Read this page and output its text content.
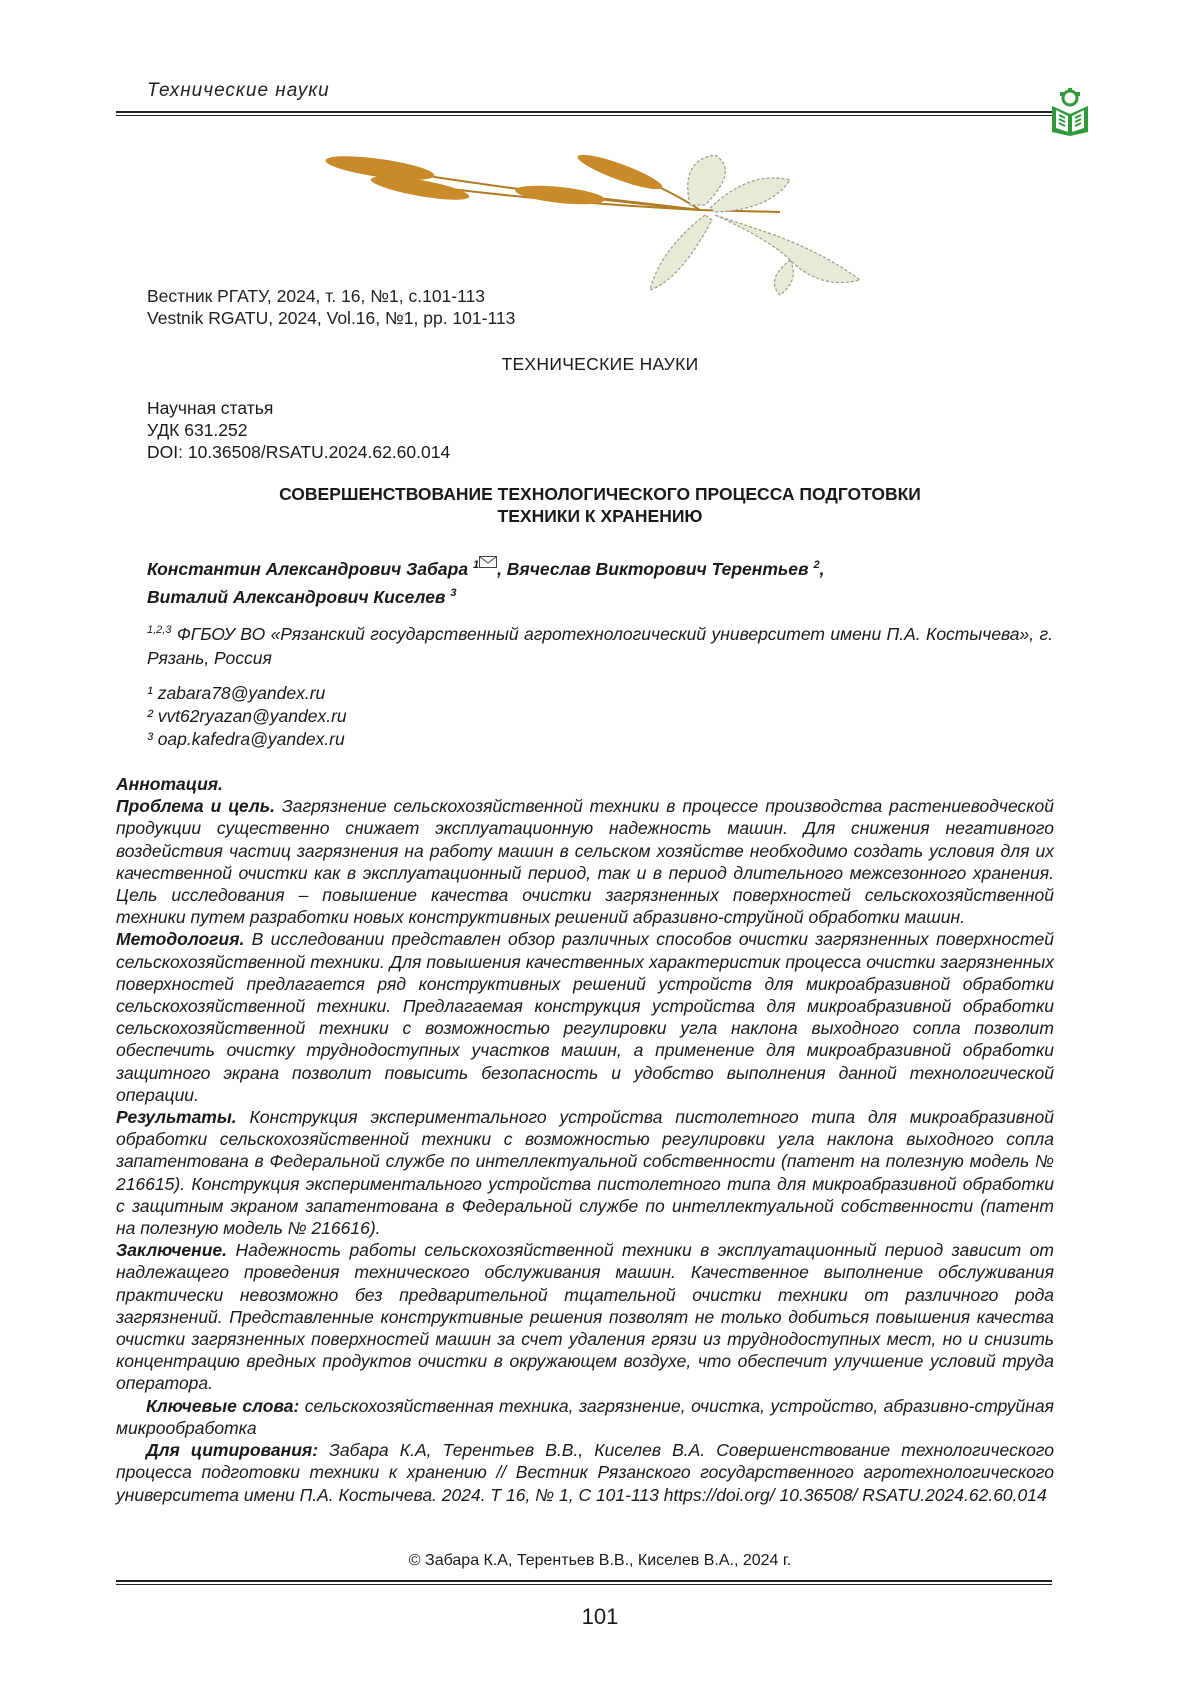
Технические науки
Вестник РГАТУ, 2024, т. 16, №1, с.101-113
Vestnik RGATU, 2024, Vol.16, №1, pp. 101-113
ТЕХНИЧЕСКИЕ НАУКИ
Научная статья
УДК 631.252
DOI: 10.36508/RSATU.2024.62.60.014
СОВЕРШЕНСТВОВАНИЕ ТЕХНОЛОГИЧЕСКОГО ПРОЦЕССА ПОДГОТОВКИ
ТЕХНИКИ К ХРАНЕНИЮ
Константин Александрович Забара $^1$ , Вячеслав Викторович Терентьев $^2$,
Виталий Александрович Киселев $^3$
$^{1,2,3}$ ФГБОУ ВО «Рязанский государственный агротехнологический университет имени П.А. Костычева», г. Рязань, Россия
¹ zabara78@yandex.ru
² vvt62ryazan@yandex.ru
³ oap.kafedra@yandex.ru

Аннотация.

Проблема и цель. Загрязнение сельскохозяйственной техники в процессе производства растениеводческой продукции существенно снижает эксплуатационную надежность машин. Для снижения негативного воздействия частиц загрязнения на работу машин в сельском хозяйстве необходимо создать условия для их качественной очистки как в эксплуатационный период, так и в период длительного межсезонного хранения. Цель исследования – повышение качества очистки загрязненных поверхностей сельскохозяйственной техники путем разработки новых конструктивных решений абразивно-струйной обработки машин.

Методология. В исследовании представлен обзор различных способов очистки загрязненных поверхностей сельскохозяйственной техники. Для повышения качественных характеристик процесса очистки загрязненных поверхностей предлагается ряд конструктивных решений устройств для микроабразивной обработки сельскохозяйственной техники. Предлагаемая конструкция устройства для микроабразивной обработки сельскохозяйственной техники с возможностью регулировки угла наклона выходного сопла позволит обеспечить очистку труднодоступных участков машин, а применение для микроабразивной обработки защитного экрана позволит повысить безопасность и удобство выполнения данной технологической операции.

Результаты. Конструкция экспериментального устройства пистолетного типа для микроабразивной обработки сельскохозяйственной техники с возможностью регулировки угла наклона выходного сопла запатентована в Федеральной службе по интеллектуальной собственности (патент на полезную модель № 216615). Конструкция экспериментального устройства пистолетного типа для микроабразивной обработки с защитным экраном запатентована в Федеральной службе по интеллектуальной собственности (патент на полезную модель № 216616).

Заключение. Надежность работы сельскохозяйственной техники в эксплуатационный период зависит от надлежащего проведения технического обслуживания машин. Качественное выполнение обслуживания практически невозможно без предварительной тщательной очистки техники от различного рода загрязнений. Представленные конструктивные решения позволят не только добиться повышения качества очистки загрязненных поверхностей машин за счет удаления грязи из труднодоступных мест, но и снизить концентрацию вредных продуктов очистки в окружающем воздухе, что обеспечит улучшение условий труда оператора.

Ключевые слова: сельскохозяйственная техника, загрязнение, очистка, устройство, абразивно-струйная микрообработка

Для цитирования: Забара К.А, Терентьев В.В., Киселев В.А. Совершенствование технологического процесса подготовки техники к хранению // Вестник Рязанского государственного агротехнологического университета имени П.А. Костычева. 2024. Т 16, № 1, С 101-113 https://doi.org/ 10.36508/ RSATU.2024.62.60.014

© Забара К.А, Терентьев В.В., Киселев В.А., 2024 г.
101
